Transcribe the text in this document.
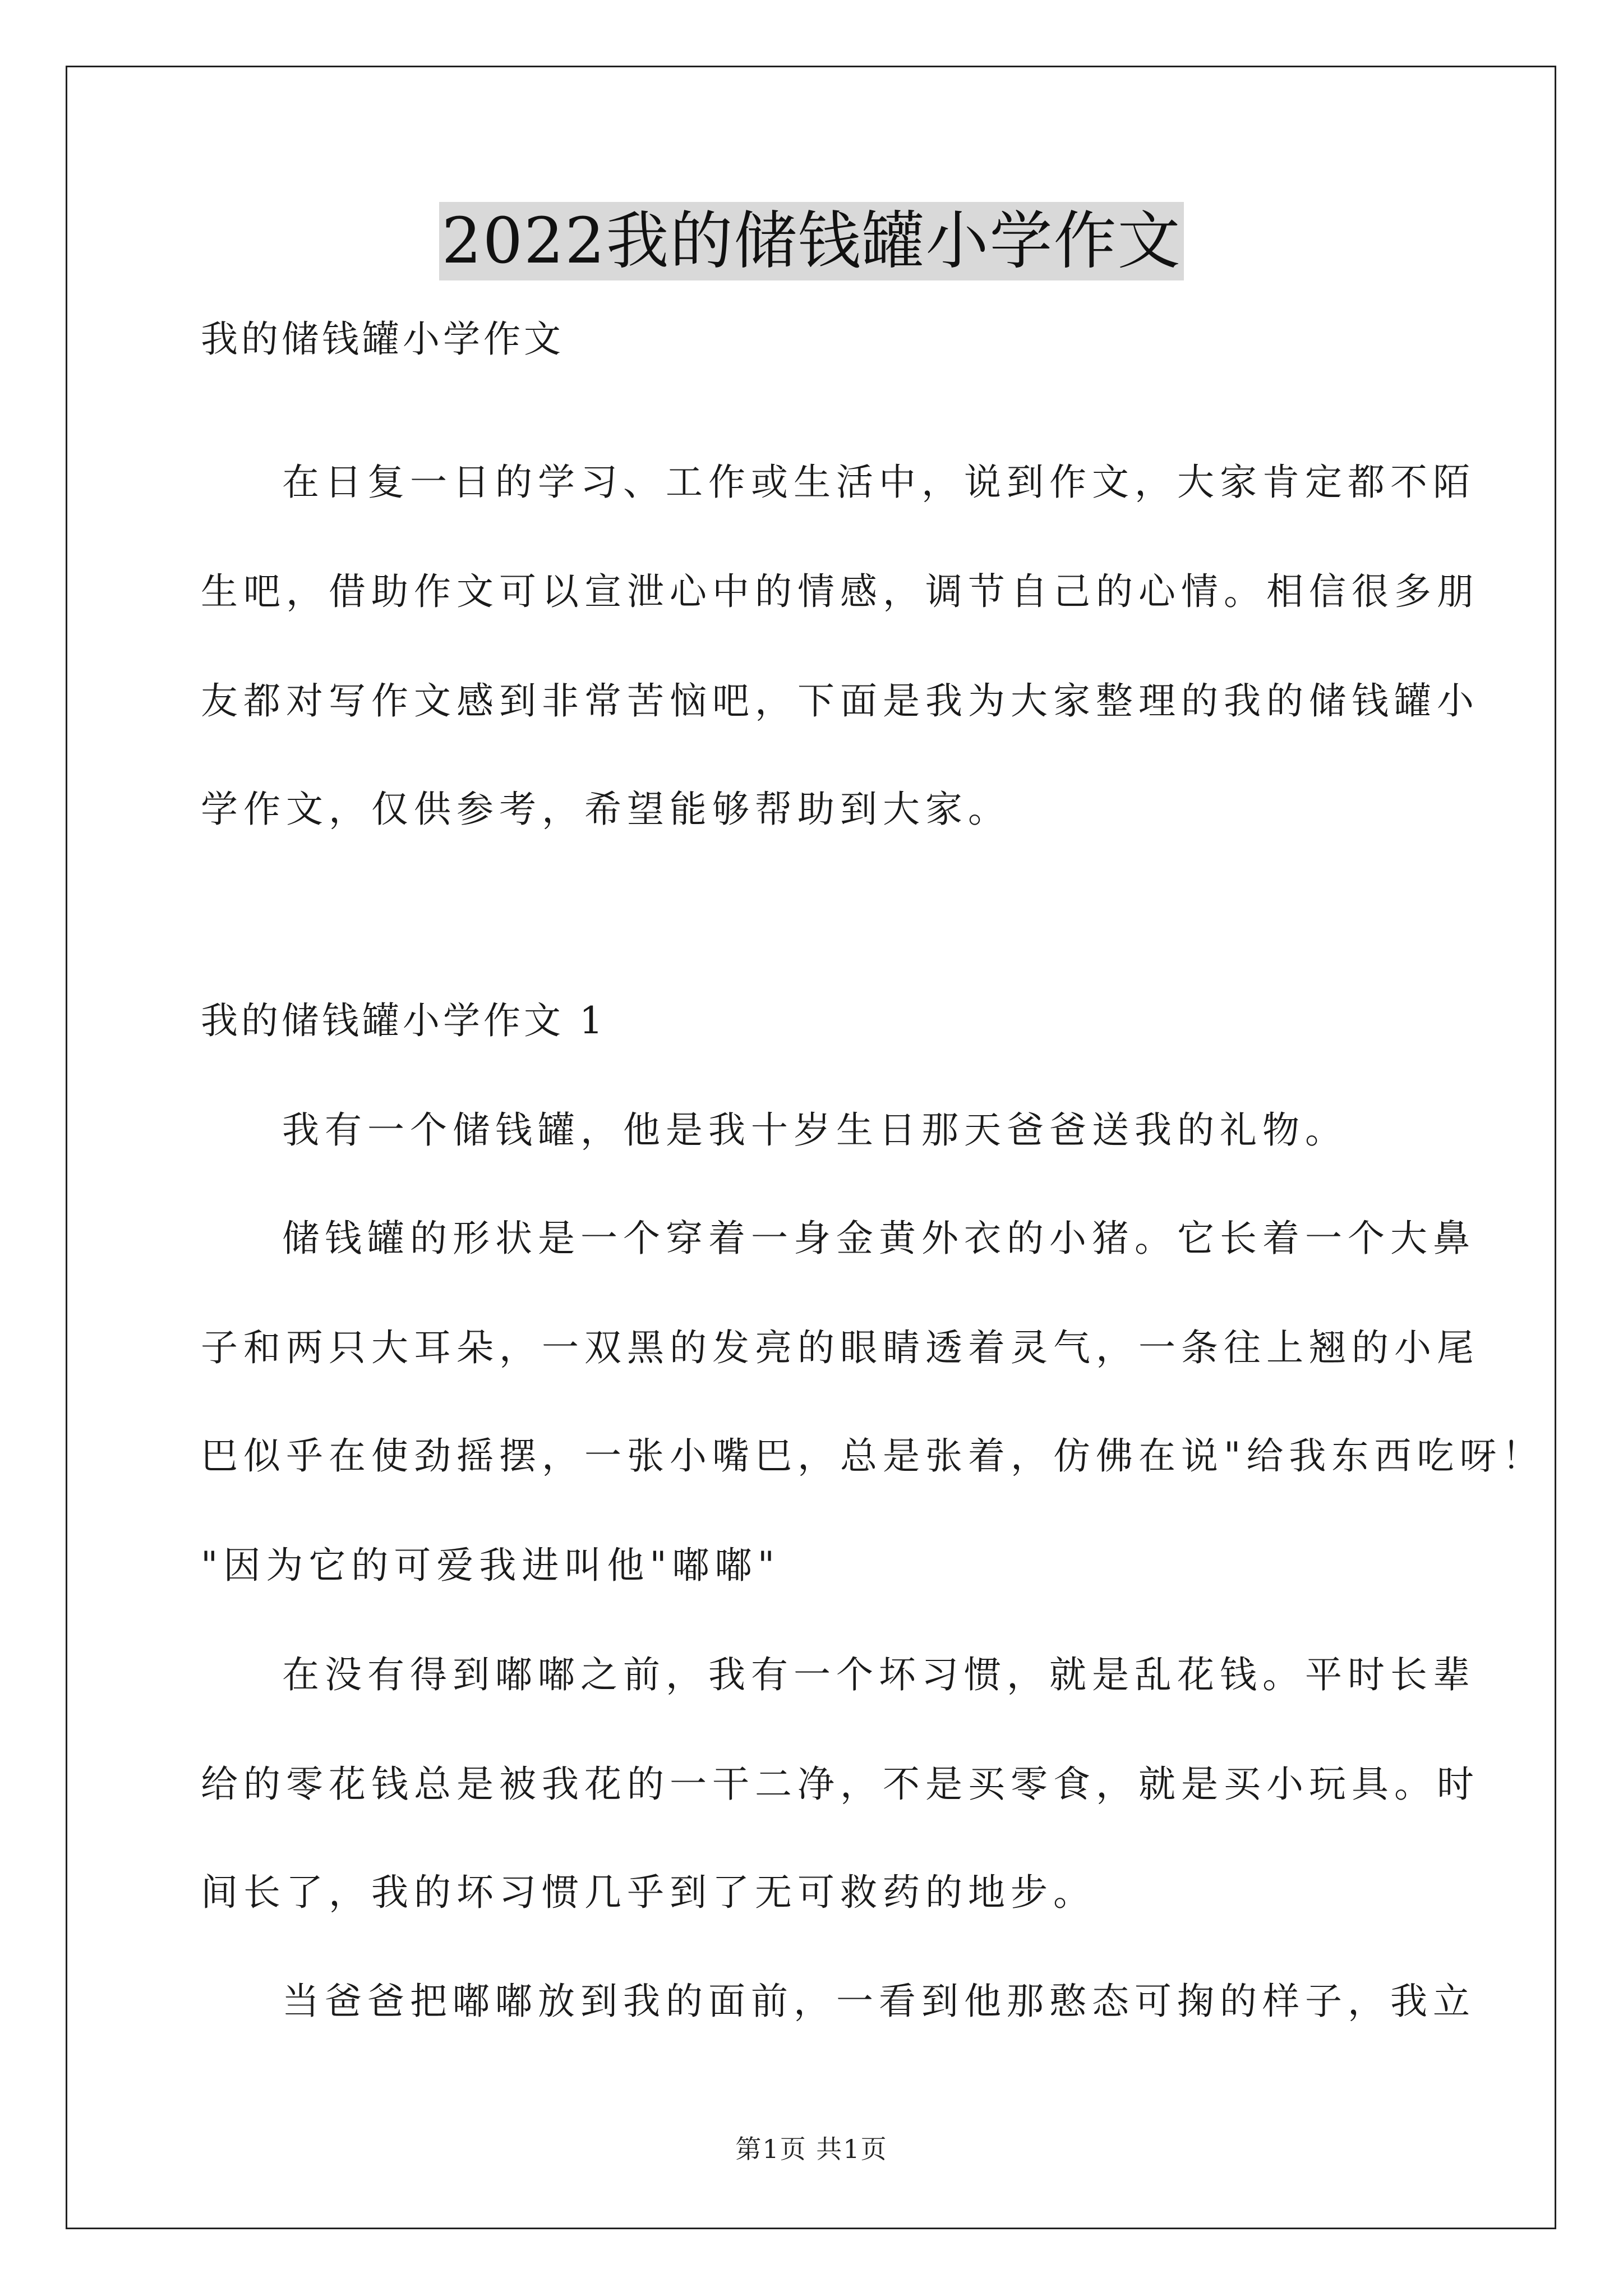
2022我的储钱罐小学作文
我的储钱罐小学作文
在日复一日的学习、工作或生活中，说到作文，大家肯定都不陌
生吧，借助作文可以宣泄心中的情感，调节自己的心情。相信很多朋
友都对写作文感到非常苦恼吧，下面是我为大家整理的我的储钱罐小
学作文，仅供参考，希望能够帮助到大家。
我的储钱罐小学作文 1
我有一个储钱罐，他是我十岁生日那天爸爸送我的礼物。
储钱罐的形状是一个穿着一身金黄外衣的小猪。它长着一个大鼻
子和两只大耳朵，一双黑的发亮的眼睛透着灵气，一条往上翘的小尾
巴似乎在使劲摇摆，一张小嘴巴，总是张着，仿佛在说"给我东西吃呀！
"因为它的可爱我进叫他"嘟嘟"
在没有得到嘟嘟之前，我有一个坏习惯，就是乱花钱。平时长辈
给的零花钱总是被我花的一干二净，不是买零食，就是买小玩具。时
间长了，我的坏习惯几乎到了无可救药的地步。
当爸爸把嘟嘟放到我的面前，一看到他那憨态可掬的样子，我立
第1页 共1页
